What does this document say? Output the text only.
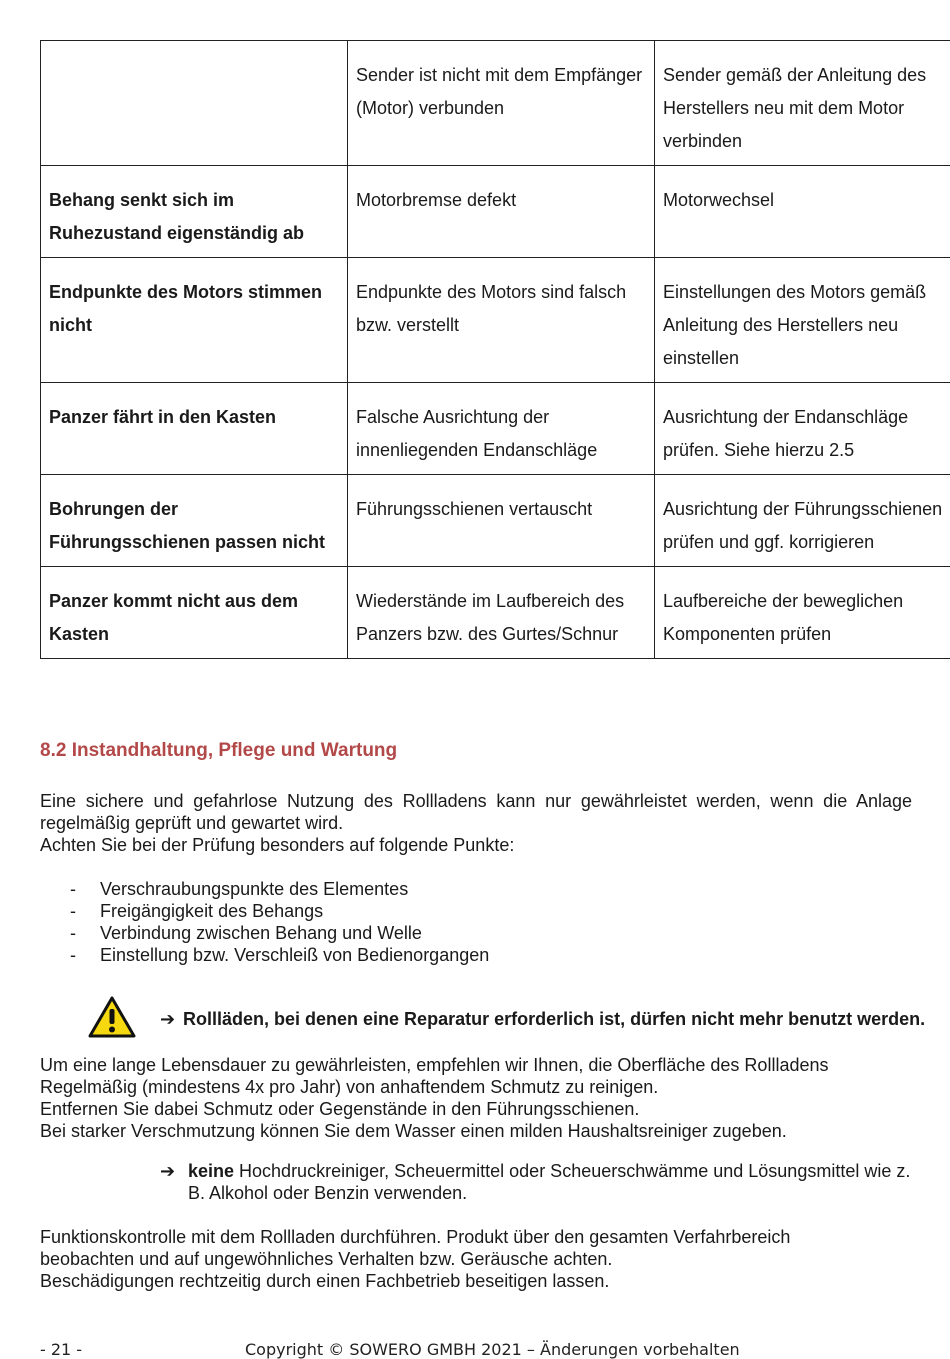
	Sender ist nicht mit dem Empfänger (Motor) verbunden	Sender gemäß der Anleitung des Herstellers neu mit dem Motor verbinden
Behang senkt sich im Ruhezustand eigenständig ab	Motorbremse defekt	Motorwechsel
Endpunkte des Motors stimmen nicht	Endpunkte des Motors sind falsch bzw. verstellt	Einstellungen des Motors gemäß Anleitung des Herstellers neu einstellen
Panzer fährt in den Kasten	Falsche Ausrichtung der innenliegenden Endanschläge	Ausrichtung der Endanschläge prüfen. Siehe hierzu 2.5
Bohrungen der Führungsschienen passen nicht	Führungsschienen vertauscht	Ausrichtung der Führungsschienen prüfen und ggf. korrigieren
Panzer kommt nicht aus dem Kasten	Wiederstände im Laufbereich des Panzers bzw. des Gurtes/Schnur	Laufbereiche der beweglichen Komponenten prüfen
8.2 Instandhaltung, Pflege und Wartung

Eine sichere und gefahrlose Nutzung des Rollladens kann nur gewährleistet werden, wenn die Anlage regelmäßig geprüft und gewartet wird.

Achten Sie bei der Prüfung besonders auf folgende Punkte:

- Verschraubungspunkte des Elementes
- Freigängigkeit des Behangs
- Verbindung zwischen Behang und Welle
- Einstellung bzw. Verschleiß von Bedienorgangen
➔ Rollläden, bei denen eine Reparatur erforderlich ist, dürfen nicht mehr benutzt werden.

Um eine lange Lebensdauer zu gewährleisten, empfehlen wir Ihnen, die Oberfläche des Rollladens

Regelmäßig (mindestens 4x pro Jahr) von anhaftendem Schmutz zu reinigen.

Entfernen Sie dabei Schmutz oder Gegenstände in den Führungsschienen.

Bei starker Verschmutzung können Sie dem Wasser einen milden Haushaltsreiniger zugeben.

➔ keine Hochdruckreiniger, Scheuermittel oder Scheuerschwämme und Lösungsmittel wie z. B. Alkohol oder Benzin verwenden.

Funktionskontrolle mit dem Rollladen durchführen. Produkt über den gesamten Verfahrbereich

beobachten und auf ungewöhnliches Verhalten bzw. Geräusche achten.

Beschädigungen rechtzeitig durch einen Fachbetrieb beseitigen lassen.

- 21 -	Copyright © SOWERO GMBH 2021 – Änderungen vorbehalten
